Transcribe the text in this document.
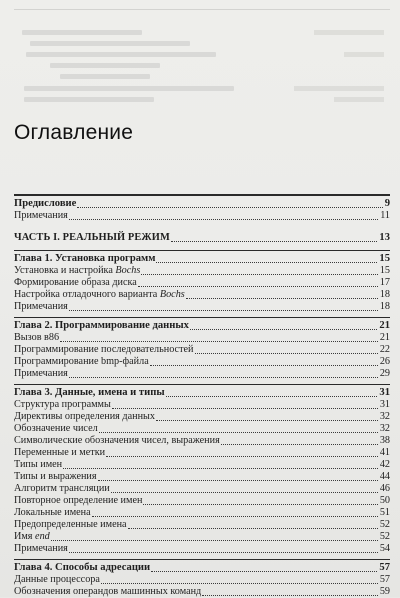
Оглавление
Предисловие	9
Примечания	11
ЧАСТЬ I. РЕАЛЬНЫЙ РЕЖИМ	13
Глава 1. Установка программ	15
Установка и настройка Bochs	15
Формирование образа диска	17
Настройка отладочного варианта Bochs	18
Примечания	18
Глава 2. Программирование данных	21
Вызов в86	21
Программирование последовательностей	22
Программирование bmp-файла	26
Примечания	29
Глава 3. Данные, имена и типы	31
Структура программы	31
Директивы определения данных	32
Обозначение чисел	32
Символические обозначения чисел, выражения	38
Переменные и метки	41
Типы имен	42
Типы и выражения	44
Алгоритм трансляции	46
Повторное определение имен	50
Локальные имена	51
Предопределенные имена	52
Имя end	52
Примечания	54
Глава 4. Способы адресации	57
Данные процессора	57
Обозначения операндов машинных команд	59
